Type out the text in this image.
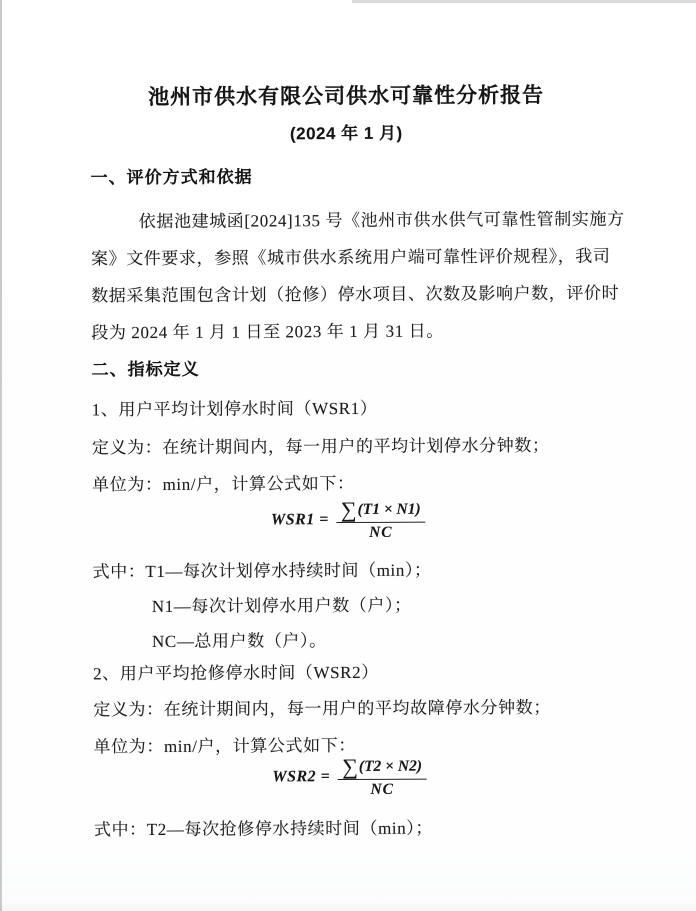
池州市供水有限公司供水可靠性分析报告
(2024 年 1 月)
一、评价方式和依据
依据池建城函[2024]135 号《池州市供水供气可靠性管制实施方
案》文件要求，参照《城市供水系统用户端可靠性评价规程》，我司
数据采集范围包含计划（抢修）停水项目、次数及影响户数，评价时
段为 2024 年 1 月 1 日至 2023 年 1 月 31 日。
二、指标定义
1、用户平均计划停水时间（WSR1）
定义为：在统计期间内，每一用户的平均计划停水分钟数；
单位为：min/户，计算公式如下：
$WSR1 = \frac{\sum (T1 \times N1)}{NC}$
式中：T1—每次计划停水持续时间（min）；
N1—每次计划停水用户数（户）；
NC—总用户数（户）。
2、用户平均抢修停水时间（WSR2）
定义为：在统计期间内，每一用户的平均故障停水分钟数；
单位为：min/户，计算公式如下：
$WSR2 = \frac{\sum (T2 \times N2)}{NC}$
式中：T2—每次抢修停水持续时间（min）；
